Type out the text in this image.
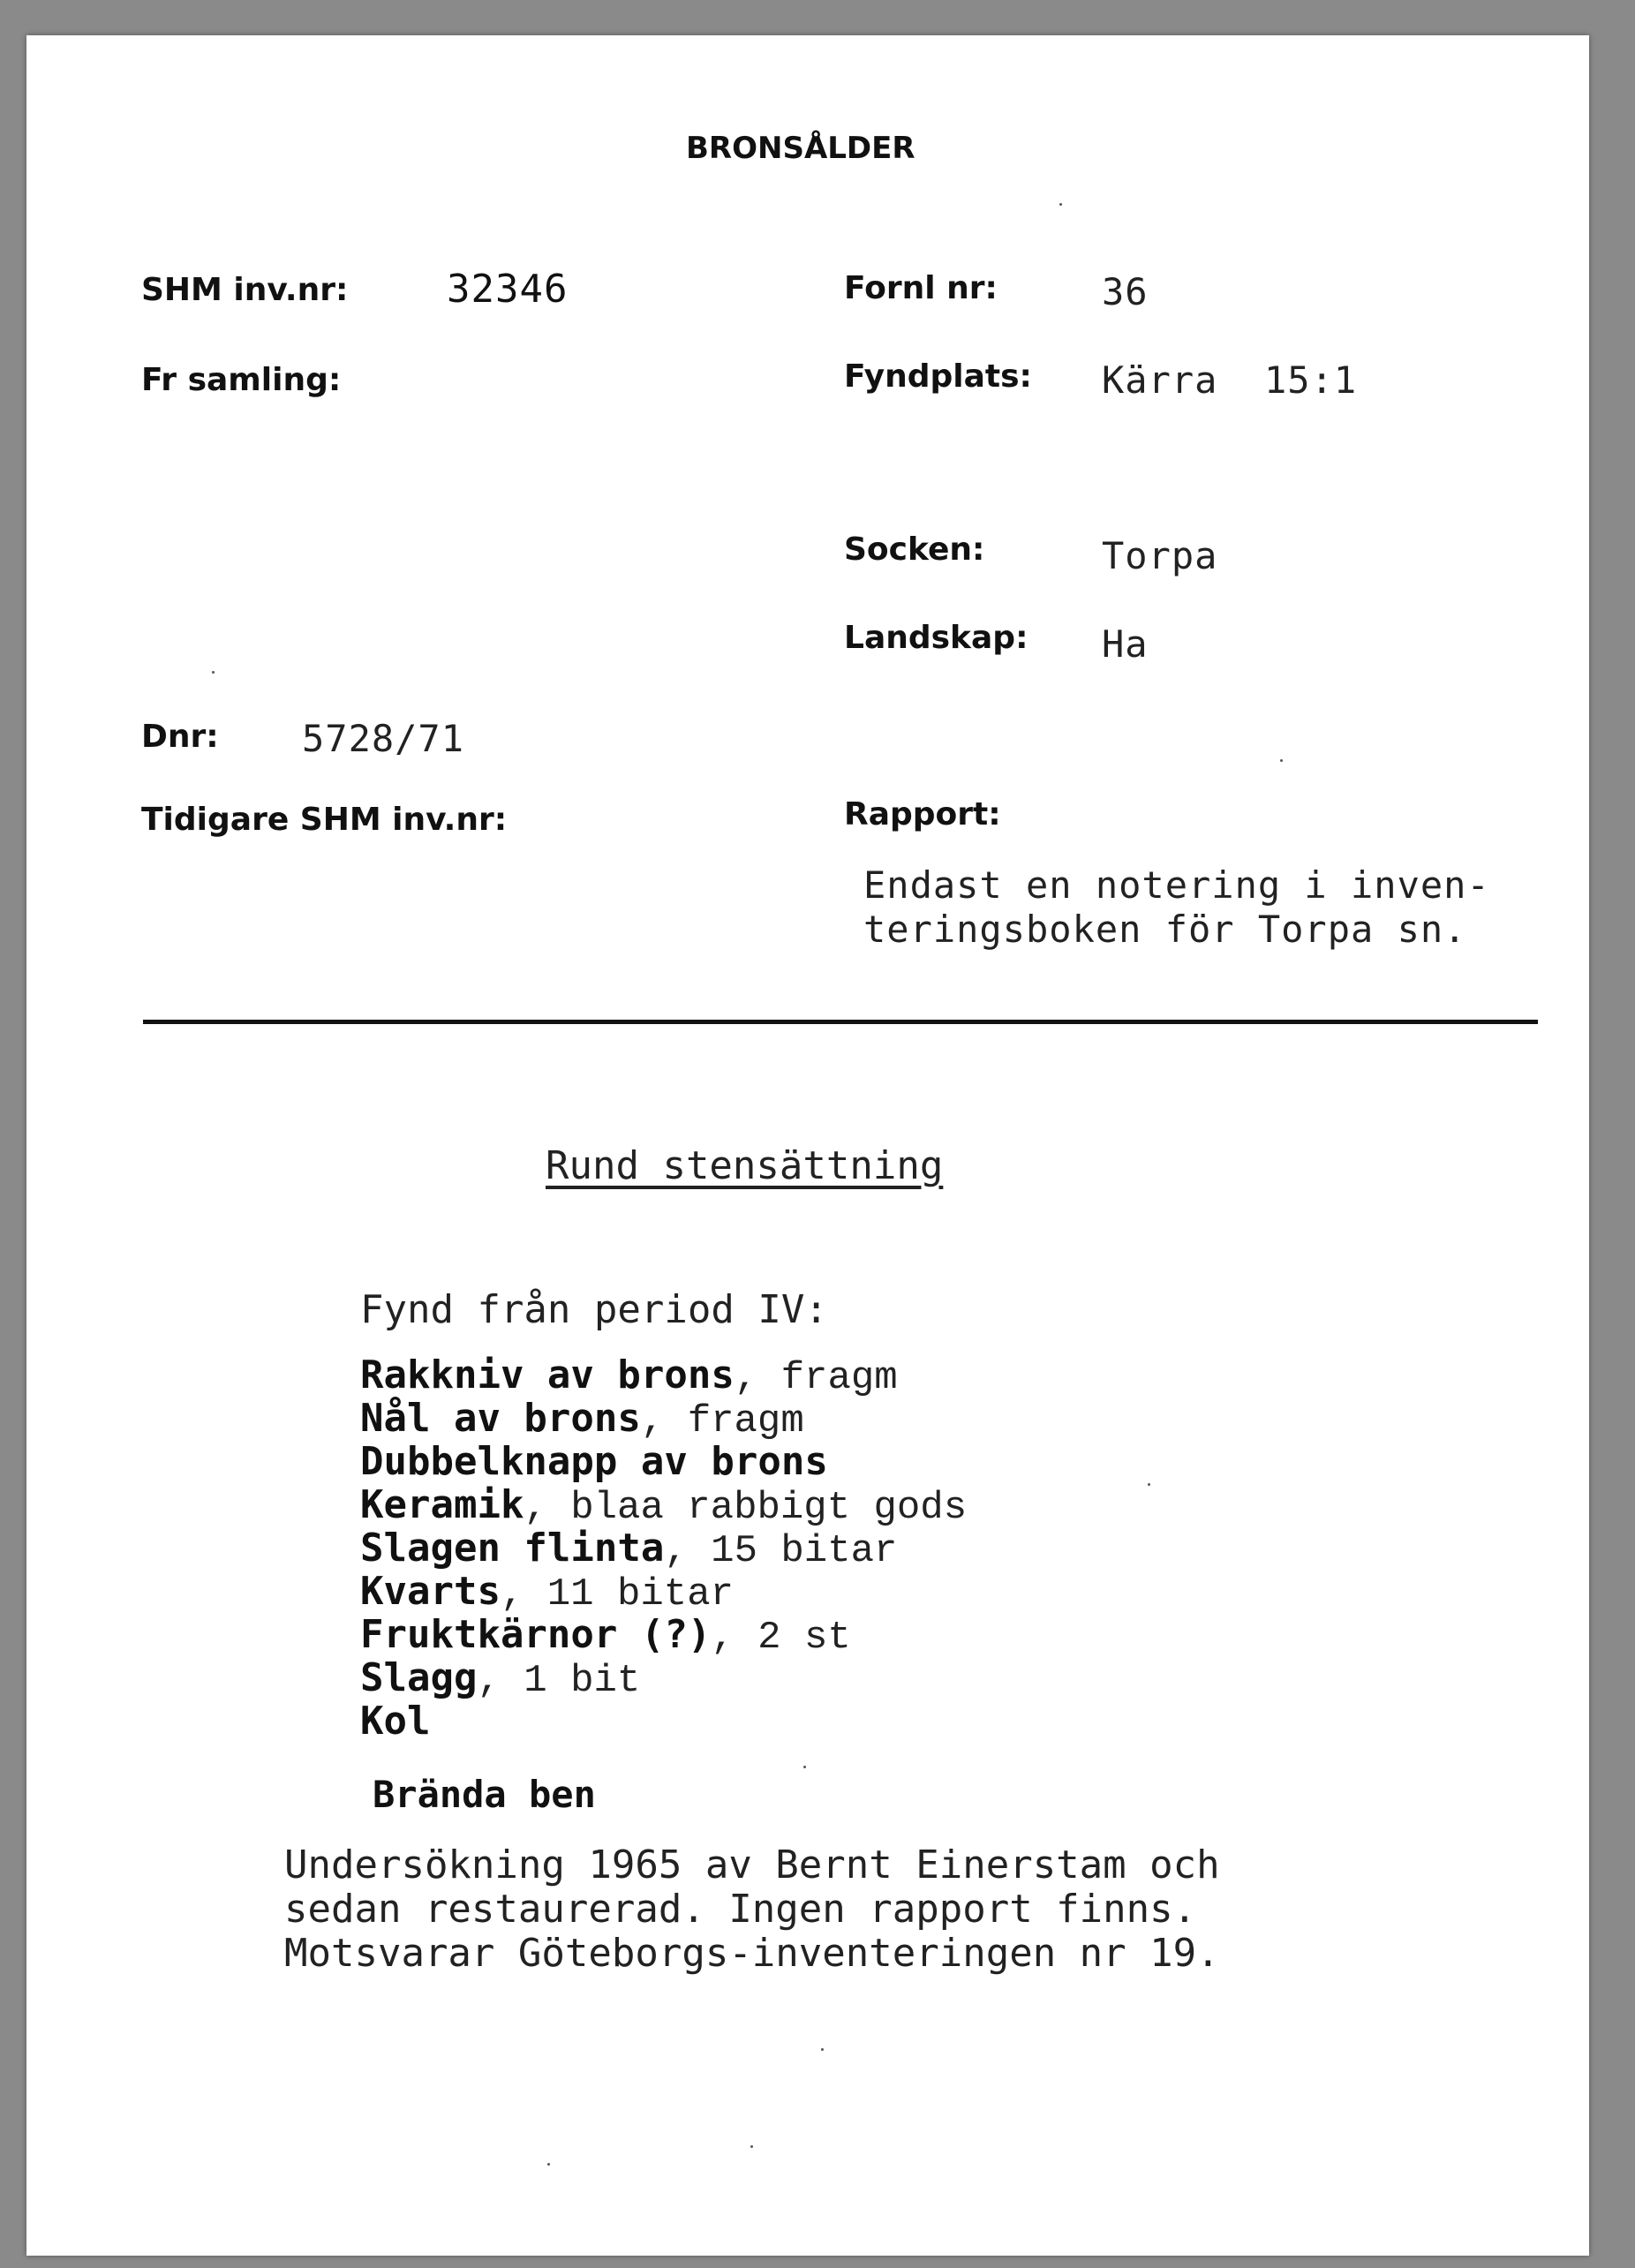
BRONSÅLDER
SHM inv.nr:	32346	Fornl nr:	36
Fr samling:	Fyndplats: Kärra  15:1
Socken:	Torpa
Landskap: Ha
Dnr: 5728/71
Tidigare SHM inv.nr:	Rapport:
Endast en notering i inven-
teringsboken för Torpa sn.
Rund stensättning
Fynd från period IV:
Rakkniv av brons, fragm
Nål av brons, fragm
Dubbelknapp av brons
Keramik, blaa rabbigt gods
Slagen flinta, 15 bitar
Kvarts, 11 bitar
Fruktkärnor (?), 2 st
Slagg, 1 bit
Kol
Brända ben
Undersökning 1965 av Bernt Einerstam och
sedan restaurerad. Ingen rapport finns.
Motsvarar Göteborgs-inventeringen nr 19.
